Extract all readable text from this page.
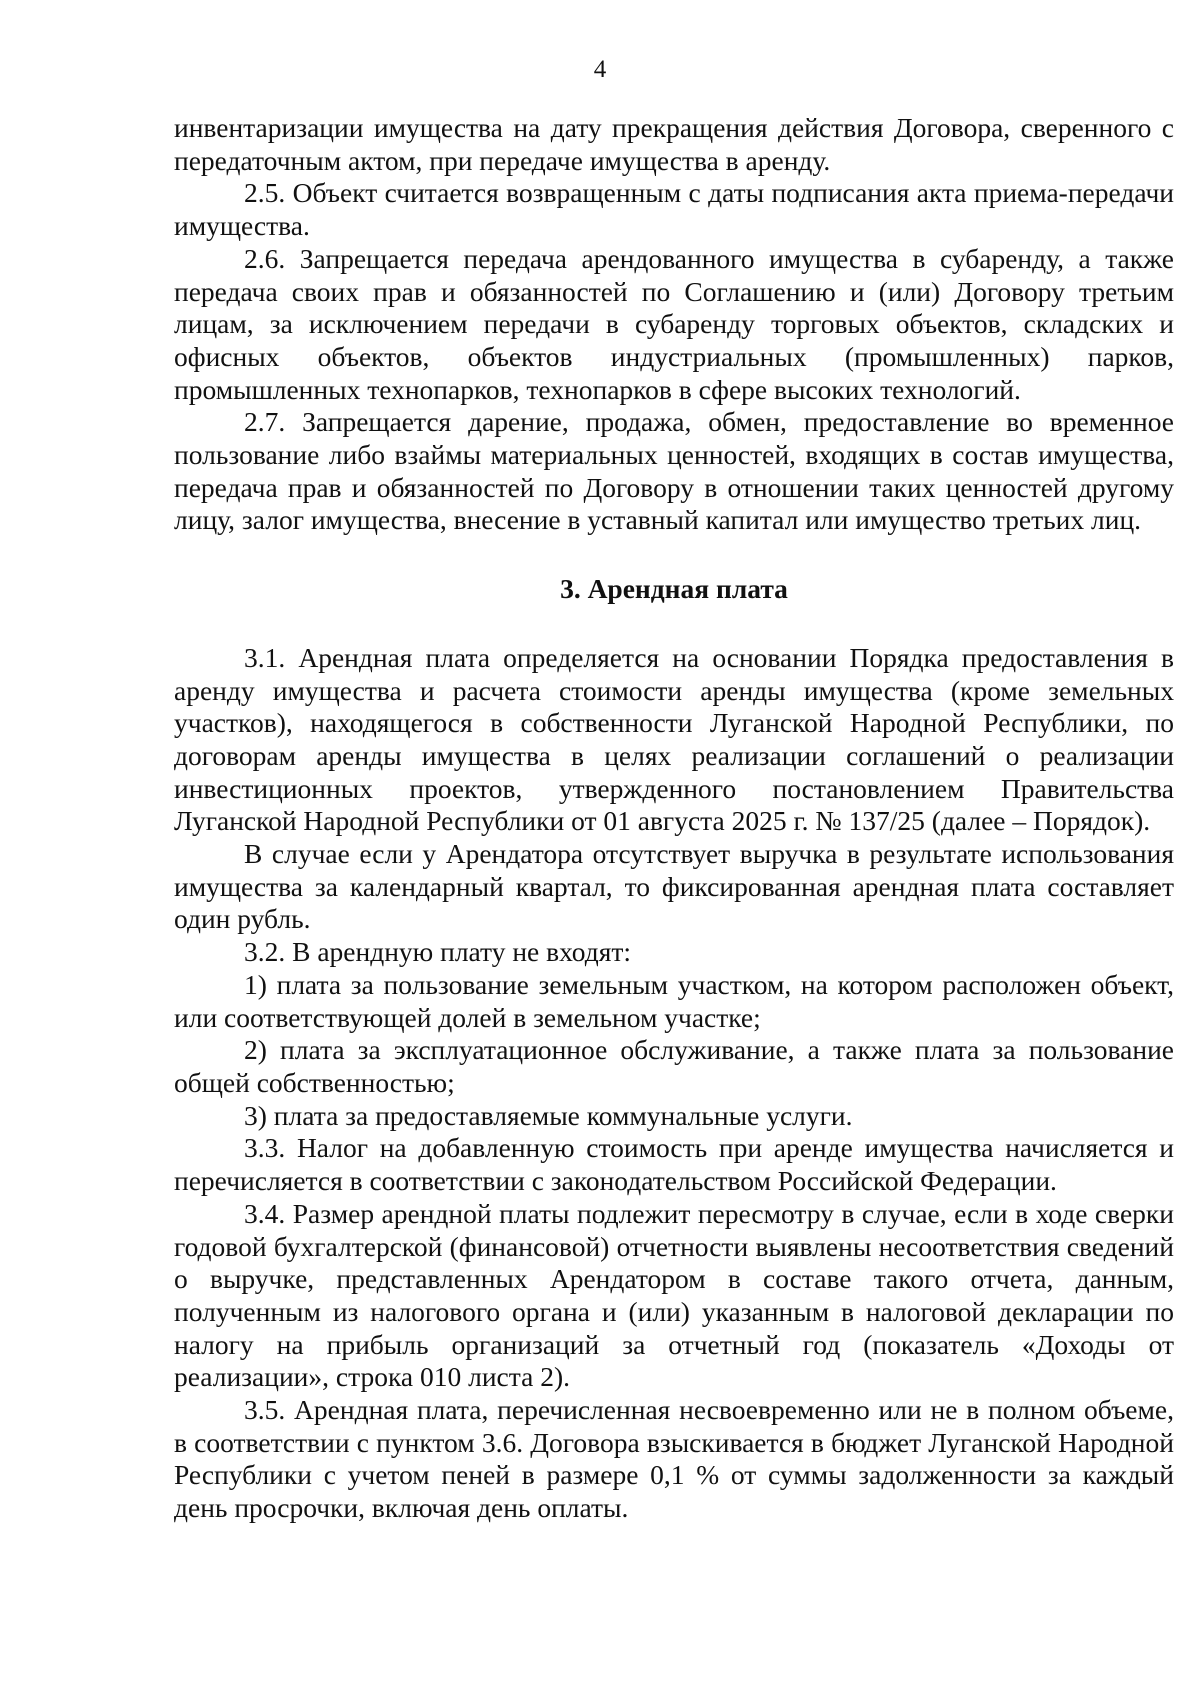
4

инвентаризации имущества на дату прекращения действия Договора, сверенного с передаточным актом, при передаче имущества в аренду.

2.5. Объект считается возвращенным с даты подписания акта приема-передачи имущества.

2.6. Запрещается передача арендованного имущества в субаренду, а также передача своих прав и обязанностей по Соглашению и (или) Договору третьим лицам, за исключением передачи в субаренду торговых объектов, складских и офисных объектов, объектов индустриальных (промышленных) парков, промышленных технопарков, технопарков в сфере высоких технологий.

2.7. Запрещается дарение, продажа, обмен, предоставление во временное пользование либо взаймы материальных ценностей, входящих в состав имущества, передача прав и обязанностей по Договору в отношении таких ценностей другому лицу, залог имущества, внесение в уставный капитал или имущество третьих лиц.

3. Арендная плата

3.1. Арендная плата определяется на основании Порядка предоставления в аренду имущества и расчета стоимости аренды имущества (кроме земельных участков), находящегося в собственности Луганской Народной Республики, по договорам аренды имущества в целях реализации соглашений о реализации инвестиционных проектов, утвержденного постановлением Правительства Луганской Народной Республики от 01 августа 2025 г. № 137/25 (далее – Порядок).

В случае если у Арендатора отсутствует выручка в результате использования имущества за календарный квартал, то фиксированная арендная плата составляет один рубль.

3.2. В арендную плату не входят:

1) плата за пользование земельным участком, на котором расположен объект, или соответствующей долей в земельном участке;

2) плата за эксплуатационное обслуживание, а также плата за пользование общей собственностью;

3) плата за предоставляемые коммунальные услуги.

3.3. Налог на добавленную стоимость при аренде имущества начисляется и перечисляется в соответствии с законодательством Российской Федерации.

3.4. Размер арендной платы подлежит пересмотру в случае, если в ходе сверки годовой бухгалтерской (финансовой) отчетности выявлены несоответствия сведений о выручке, представленных Арендатором в составе такого отчета, данным, полученным из налогового органа и (или) указанным в налоговой декларации по налогу на прибыль организаций за отчетный год (показатель «Доходы от реализации», строка 010 листа 2).

3.5. Арендная плата, перечисленная несвоевременно или не в полном объеме, в соответствии с пунктом 3.6. Договора взыскивается в бюджет Луганской Народной Республики с учетом пеней в размере 0,1 % от суммы задолженности за каждый день просрочки, включая день оплаты.
